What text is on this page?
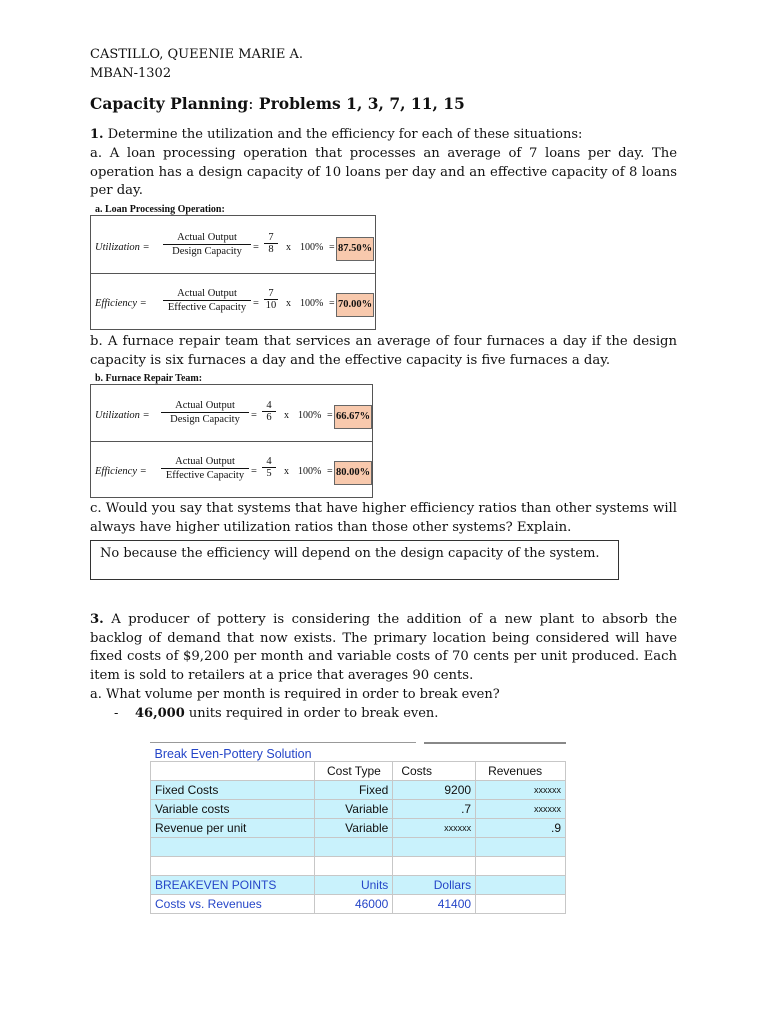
CASTILLO, QUEENIE MARIE A.
MBAN-1302
Capacity Planning: Problems 1, 3, 7, 11, 15
1. Determine the utilization and the efficiency for each of these situations:
a. A loan processing operation that processes an average of 7 loans per day. The operation has a design capacity of 10 loans per day and an effective capacity of 8 loans per day.
a. Loan Processing Operation:
Utilization =
Actual Output
Design Capacity	= $\frac{7}{8}$ x 100% = 87.50%
Efficiency =
Actual Output
Effective Capacity = $\frac{7}{10}$ x 100% = 70.00%
b. A furnace repair team that services an average of four furnaces a day if the design capacity is six furnaces a day and the effective capacity is five furnaces a day.
b. Furnace Repair Team:
Utilization =
Actual Output
Design Capacity	= $\frac{4}{6}$ x 100% = 66.67%
Efficiency =
Actual Output
Effective Capacity = $\frac{4}{5}$ x 100% = 80.00%
c. Would you say that systems that have higher efficiency ratios than other systems will always have higher utilization ratios than those other systems? Explain.
No because the efficiency will depend on the design capacity of the system.
3. A producer of pottery is considering the addition of a new plant to absorb the backlog of demand that now exists. The primary location being considered will have fixed costs of $9,200 per month and variable costs of 70 cents per unit produced. Each item is sold to retailers at a price that averages 90 cents.
a. What volume per month is required in order to break even?
- 46,000 units required in order to break even.
Break Even-Pottery Solution			
	Cost Type	Costs	Revenues
Fixed Costs	Fixed	9200	xxxxxx
Variable costs	Variable	.7	xxxxxx
Revenue per unit	Variable	xxxxxx	.9

BREAKEVEN POINTS	Units	Dollars	
Costs vs. Revenues	46000	41400	
